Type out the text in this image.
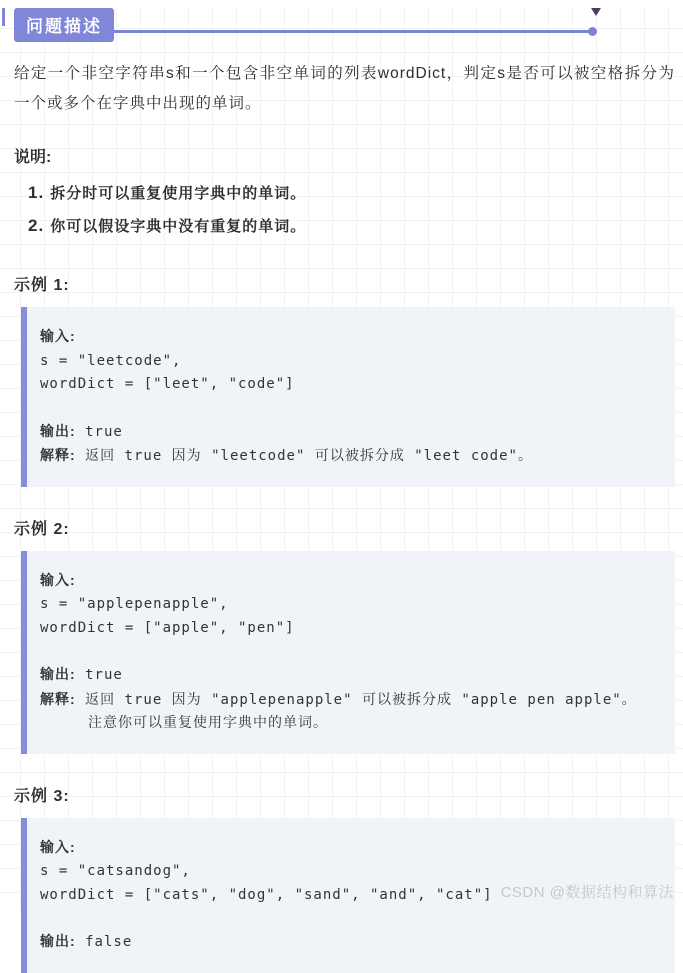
问题描述

给定一个非空字符串s和一个包含非空单词的列表wordDict，判定s是否可以被空格拆分为一个或多个在字典中出现的单词。

说明:
1. 拆分时可以重复使用字典中的单词。
2. 你可以假设字典中没有重复的单词。
示例 1:
输入:
s = "leetcode",
wordDict = ["leet", "code"]
输出: true
解释: 返回 true 因为 "leetcode" 可以被拆分成 "leet code"。
示例 2:
输入:
s = "applepenapple",
wordDict = ["apple", "pen"]
输出: true
解释: 返回 true 因为 "applepenapple" 可以被拆分成 "apple pen apple"。
注意你可以重复使用字典中的单词。
示例 3:
输入:
s = "catsandog",
wordDict = ["cats", "dog", "sand", "and", "cat"]
输出: false
CSDN @数据结构和算法
